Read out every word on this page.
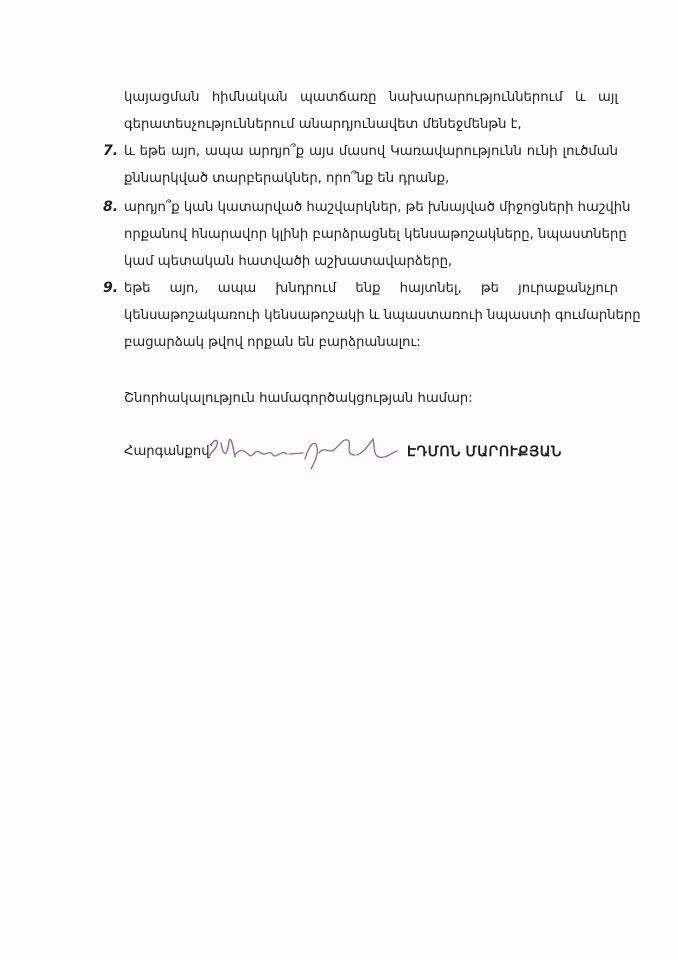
կայացման հիմնական պատճառը նախարարություններում և այլ
գերատեսչություններում անարդյունավետ մենեջմենթն է,
7. և եթե այո, ապա արդյո՞ք այս մասով Կառավարությունն ունի լուծման
քննարկված տարբերակներ, որո՞նք են դրանք,
8. արդյո՞ք կան կատարված հաշվարկներ, թե խնայված միջոցների հաշվին
որքանով հնարավոր կլինի բարձրացնել կենսաթոշակները, նպաստները
կամ պետական հատվածի աշխատավարձերը,
9. եթե այո, ապա խնդրում ենք հայտնել, թե յուրաքանչյուր
կենսաթոշակառուի կենսաթոշակի և նպաստառուի նպաստի գումարները
բացարձակ թվով որքան են բարձրանալու:
Շնորհակալություն համագործակցության համար:
Հարգանքով՝	ԷԴՄՈՆ ՄԱՐՈՒՔՅԱՆ
